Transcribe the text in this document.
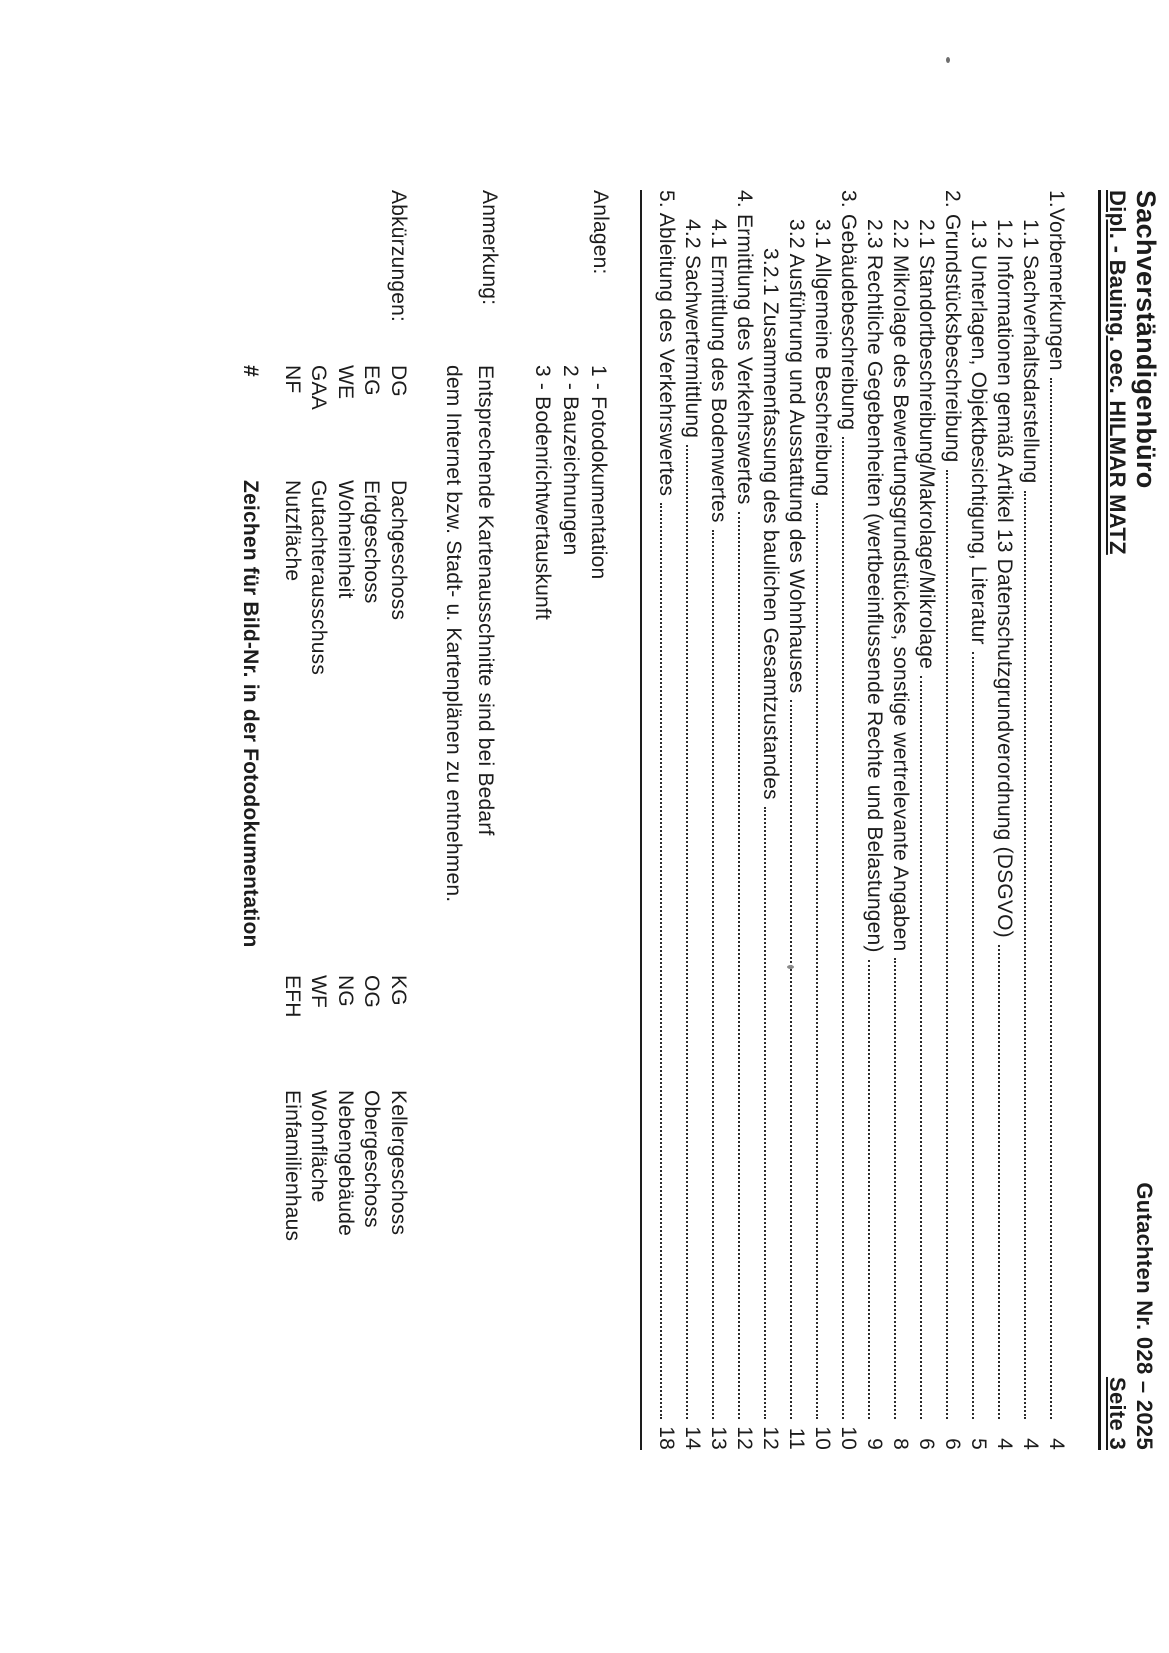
Sachverständigenbüro
Gutachten Nr. 028 – 2025
Dipl. - Bauing. oec. HILMAR MATZ
Seite 3
1.Vorbemerkungen
4
1.1 Sachverhaltsdarstellung
4
1.2 Informationen gemäß Artikel 13 Datenschutzgrundverordnung (DSGVO)
4
1.3 Unterlagen, Objektbesichtigung, Literatur
5
2. Grundstücksbeschreibung
6
2.1 Standortbeschreibung/Makrolage/Mikrolage
6
2.2 Mikrolage des Bewertungsgrundstückes, sonstige wertrelevante Angaben
8
2.3 Rechtliche Gegebenheiten (wertbeeinflussende Rechte und Belastungen)
9
3. Gebäudebeschreibung
10
3.1 Allgemeine Beschreibung
10
3.2 Ausführung und Ausstattung des Wohnhauses
11
3.2.1 Zusammenfassung des baulichen Gesamtzustandes
12
4. Ermittlung des Verkehrswertes
12
4.1 Ermittlung des Bodenwertes
13
4.2 Sachwertermittlung
14
5. Ableitung des Verkehrswertes
18
Anlagen:
1 - Fotodokumentation
2 - Bauzeichnungen
3 - Bodenrichtwertauskunft
Anmerkung:
Entsprechende Kartenausschnitte sind bei Bedarf
dem Internet bzw. Stadt- u. Kartenplänen zu entnehmen.
Abkürzungen:
DG
Dachgeschoss
KG
Kellergeschoss
EG
Erdgeschoss
OG
Obergeschoss
WE
Wohneinheit
NG
Nebengebäude
GAA
Gutachterausschuss
WF
Wohnfläche
NF
Nutzfläche
EFH
Einfamilienhaus
#
Zeichen für Bild-Nr. in der Fotodokumentation
